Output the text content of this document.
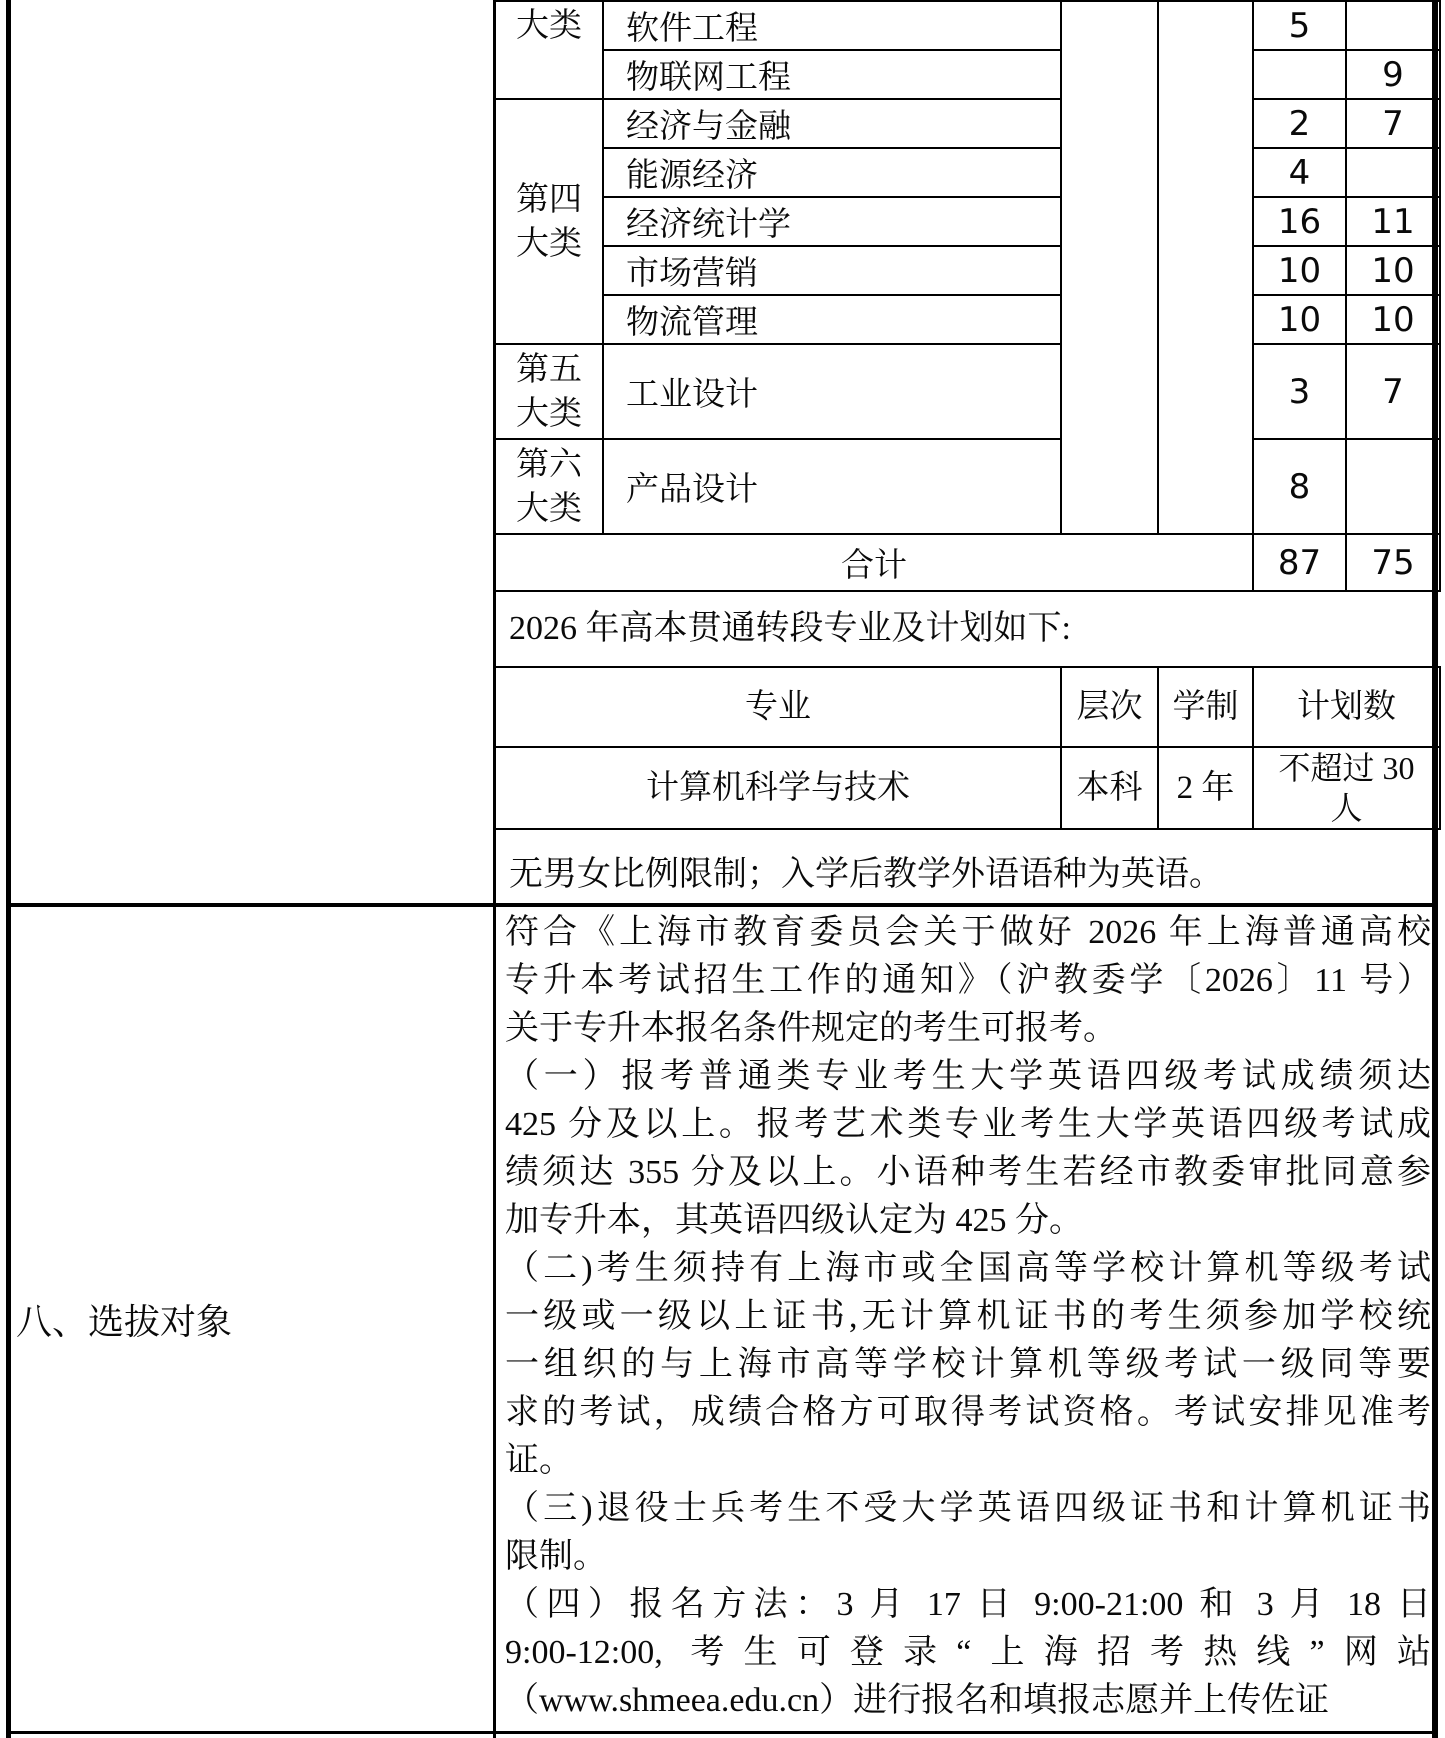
大类	软件工程			5	
	物联网工程				9

第四
大类	经济与金融			2	7
	能源经济			4	
	经济统计学			16	11
	市场营销			10	10
	物流管理			10	10

第五
大类	工业设计			3	7

第六
大类	产品设计			8	
合计				87	75
2026 年高本贯通转段专业及计划如下:
专业	层次	学制	计划数
计算机科学与技术	本科	2 年	不超过 30 人
无男女比例限制；入学后教学外语语种为英语。
八、选拔对象
符合《上海市教育委员会关于做好 2026 年上海普通高校
专升本考试招生工作的通知》（沪教委学〔2026〕11 号）
关于专升本报名条件规定的考生可报考。
（一）报考普通类专业考生大学英语四级考试成绩须达
425 分及以上。报考艺术类专业考生大学英语四级考试成
绩须达 355 分及以上。小语种考生若经市教委审批同意参
加专升本，其英语四级认定为 425 分。
（二)考生须持有上海市或全国高等学校计算机等级考试
一级或一级以上证书,无计算机证书的考生须参加学校统
一组织的与上海市高等学校计算机等级考试一级同等要
求的考试，成绩合格方可取得考试资格。考试安排见准考
证。
（三)退役士兵考生不受大学英语四级证书和计算机证书
限制。
（四）报名方法：3 月 17 日 9:00-21:00 和 3 月 18 日
9:00-12:00, 考生可登录“上海招考热线”网站
（www.shmeea.edu.cn）进行报名和填报志愿并上传佐证
